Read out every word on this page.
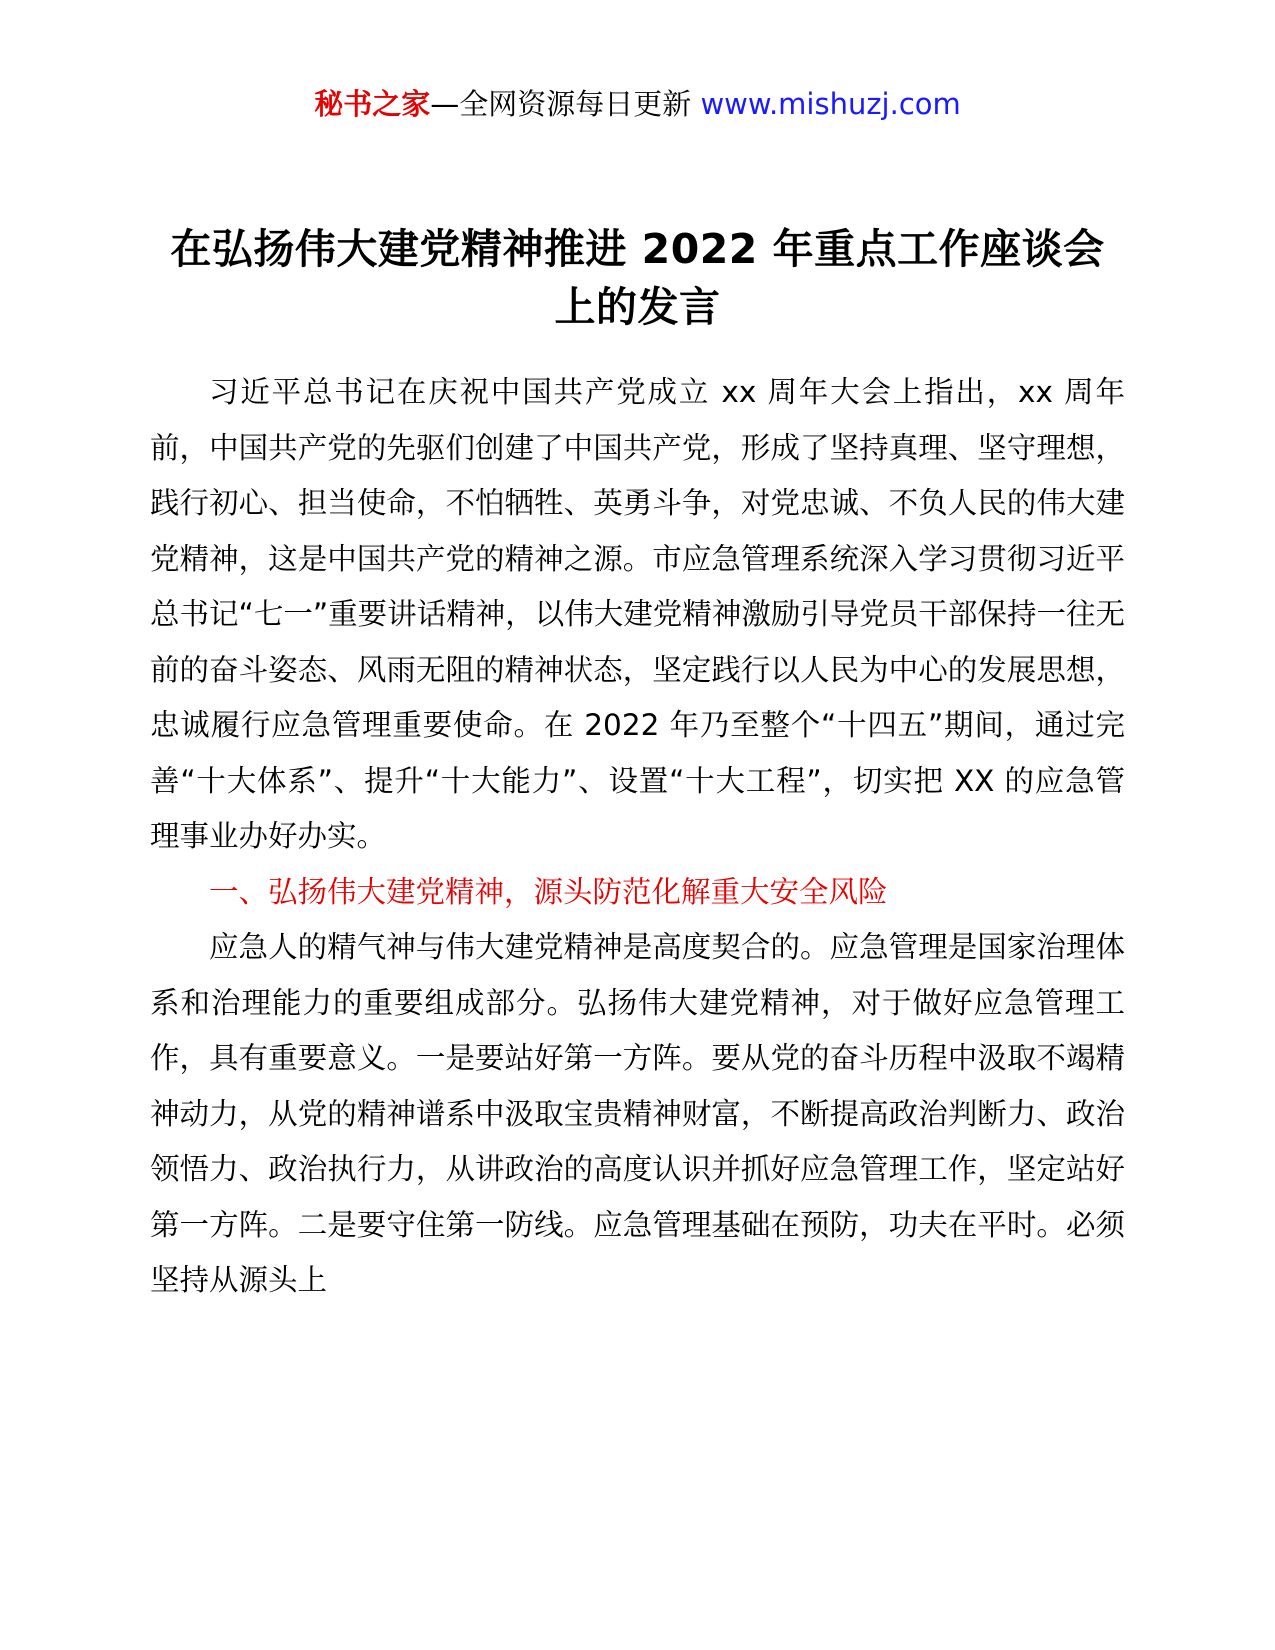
秘书之家—全网资源每日更新 www.mishuzj.com
在弘扬伟大建党精神推进 2022 年重点工作座谈会上的发言

习近平总书记在庆祝中国共产党成立 xx 周年大会上指出，xx 周年前，中国共产党的先驱们创建了中国共产党，形成了坚持真理、坚守理想，践行初心、担当使命，不怕牺牲、英勇斗争，对党忠诚、不负人民的伟大建党精神，这是中国共产党的精神之源。市应急管理系统深入学习贯彻习近平总书记“七一”重要讲话精神，以伟大建党精神激励引导党员干部保持一往无前的奋斗姿态、风雨无阻的精神状态，坚定践行以人民为中心的发展思想，忠诚履行应急管理重要使命。在 2022 年乃至整个“十四五”期间，通过完善“十大体系”、提升“十大能力”、设置“十大工程”，切实把 XX 的应急管理事业办好办实。

一、弘扬伟大建党精神，源头防范化解重大安全风险

应急人的精气神与伟大建党精神是高度契合的。应急管理是国家治理体系和治理能力的重要组成部分。弘扬伟大建党精神，对于做好应急管理工作，具有重要意义。一是要站好第一方阵。要从党的奋斗历程中汲取不竭精神动力，从党的精神谱系中汲取宝贵精神财富，不断提高政治判断力、政治领悟力、政治执行力，从讲政治的高度认识并抓好应急管理工作，坚定站好第一方阵。二是要守住第一防线。应急管理基础在预防，功夫在平时。必须坚持从源头上
